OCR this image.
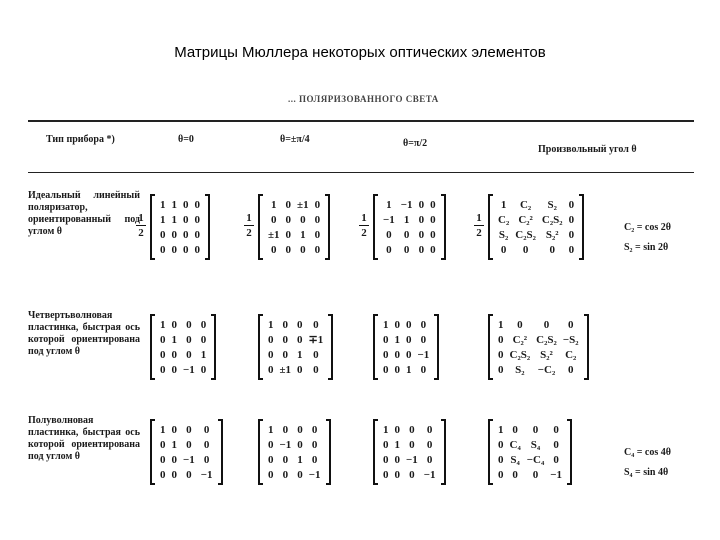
Матрицы Мюллера некоторых оптических элементов
... ПОЛЯРИЗОВАННОГО СВЕТА
Тип прибора *)	θ=0	θ=±π/4	θ=π/2
Произвольный угол θ
Идеальный линейный поляризатор, ориентированный под углом θ
1
2
1	1	0	0
1	1	0	0
0	0	0	0
0	0	0	0
1
2
1	0	±1	0
0	0	0	0
±1	0	1	0
0	0	0	0
1
2
1	−1	0	0
−1	1	0	0
0	0	0	0
0	0	0	0
1
2
1	C₂	S₂	0
C₂	C₂²	C₂S₂	0
S₂	C₂S₂	S₂²	0
0	0	0	0
C₂ = cos 2θ
S₂ = sin 2θ
Четвертьволновая пластинка, быстрая ось которой ориентирована под углом θ
1	0	0	0
0	1	0	0
0	0	0	1
0	0	−1	0
1	0	0	0
0	0	0	∓1
0	0	1	0
0	±1	0	0
1	0	0	0
0	1	0	0
0	0	0	−1
0	0	1	0
1	0	0	0
0	C₂²	C₂S₂	−S₂
0	C₂S₂	S₂²	C₂
0	S₂	−C₂	0
Полуволновая пластинка, быстрая ось которой ориентирована под углом θ
1	0	0	0
0	1	0	0
0	0	−1	0
0	0	0	−1
1	0	0	0
0	−1	0	0
0	0	1	0
0	0	0	−1
1	0	0	0
0	1	0	0
0	0	−1	0
0	0	0	−1
1	0	0	0
0	C₄	S₄	0
0	S₄	−C₄	0
0	0	0	−1
C₄ = cos 4θ
S₄ = sin 4θ
